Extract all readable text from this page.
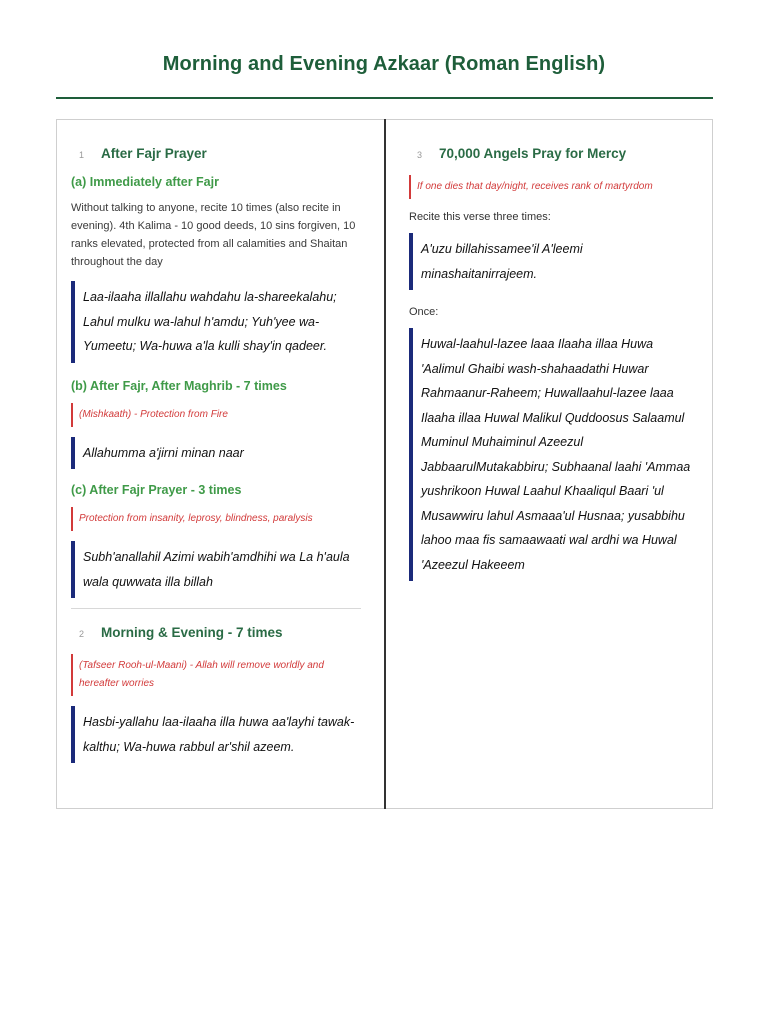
Morning and Evening Azkaar (Roman English)
1	After Fajr Prayer
(a) Immediately after Fajr
Without talking to anyone, recite 10 times (also recite in evening). 4th Kalima - 10 good deeds, 10 sins forgiven, 10 ranks elevated, protected from all calamities and Shaitan throughout the day
Laa-ilaaha illallahu wahdahu la-shareekalahu; Lahul mulku wa-lahul h'amdu; Yuh'yee wa-Yumeetu; Wa-huwa a'la kulli shay'in qadeer.
(b) After Fajr, After Maghrib - 7 times
(Mishkaath) - Protection from Fire
Allahumma a'jirni minan naar
(c) After Fajr Prayer - 3 times
Protection from insanity, leprosy, blindness, paralysis
Subh'anallahil Azimi wabih'amdhihi wa La h'aula wala quwwata illa billah
2	Morning & Evening - 7 times
(Tafseer Rooh-ul-Maani) - Allah will remove worldly and hereafter worries
Hasbi-yallahu laa-ilaaha illa huwa aa'layhi tawak-kalthu; Wa-huwa rabbul ar'shil azeem.
3	70,000 Angels Pray for Mercy
If one dies that day/night, receives rank of martyrdom
Recite this verse three times:
A'uzu billahissamee'il A'leemi minashaitanirrajeem.
Once:
Huwal-laahul-lazee laaa Ilaaha illaa Huwa 'Aalimul Ghaibi wash-shahaadathi Huwar Rahmaanur-Raheem; Huwallaahul-lazee laaa Ilaaha illaa Huwal Malikul Quddoosus Salaamul Muminul Muhaiminul Azeezul JabbaarulMutakabbiru; Subhaanal laahi 'Ammaa yushrikoon Huwal Laahul Khaaliqul Baari 'ul Musawwiru lahul Asmaaa'ul Husnaa; yusabbihu lahoo maa fis samaawaati wal ardhi wa Huwal 'Azeezul Hakeeem
